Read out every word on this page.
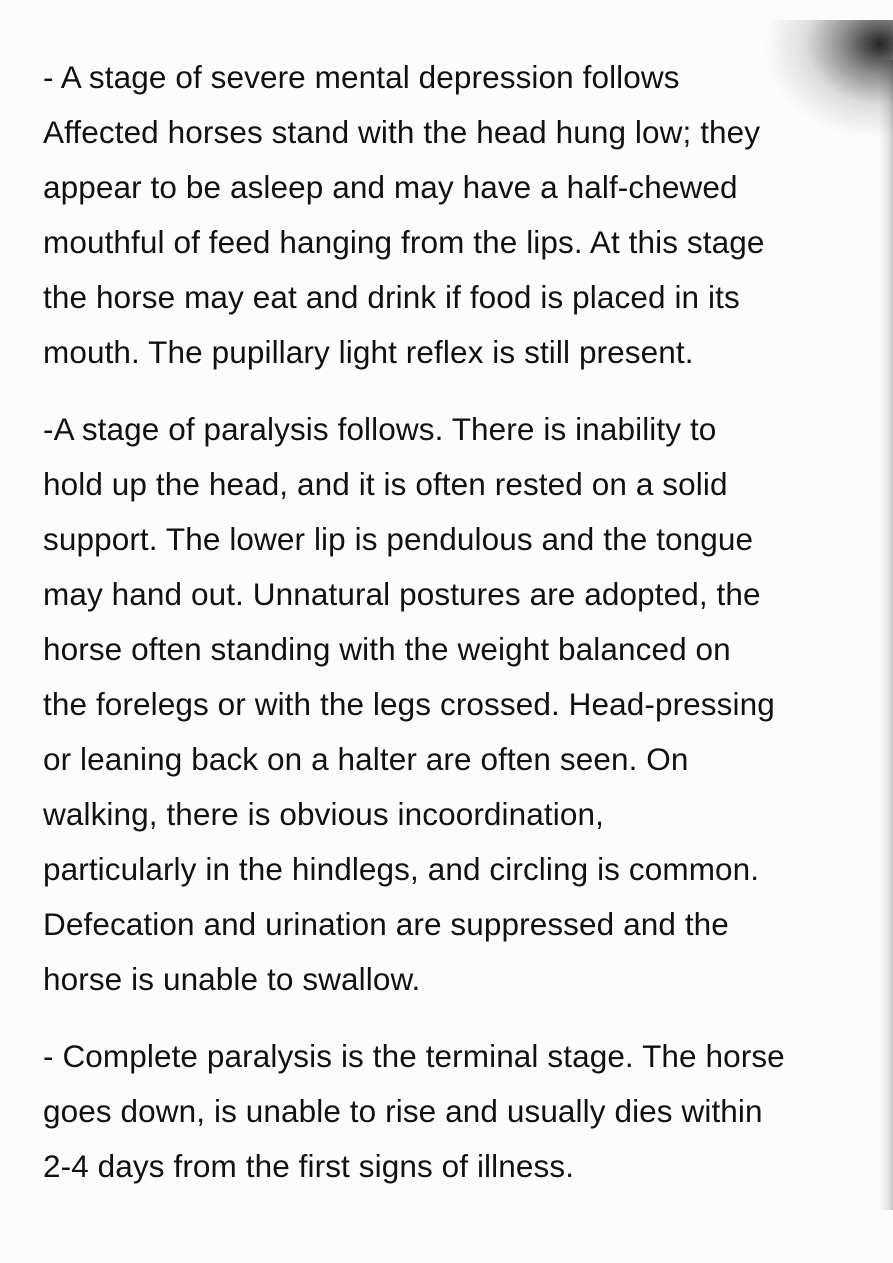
- A stage of severe mental depression follows
Affected horses stand with the head hung low; they
appear to be asleep and may have a half-chewed
mouthful of feed hanging from the lips. At this stage
the horse may eat and drink if food is placed in its
mouth. The pupillary light reflex is still present.
-A stage of paralysis follows. There is inability to
hold up the head, and it is often rested on a solid
support. The lower lip is pendulous and the tongue
may hand out. Unnatural postures are adopted, the
horse often standing with the weight balanced on
the forelegs or with the legs crossed. Head-pressing
or leaning back on a halter are often seen. On
walking, there is obvious incoordination,
particularly in the hindlegs, and circling is common.
Defecation and urination are suppressed and the
horse is unable to swallow.
- Complete paralysis is the terminal stage. The horse
goes down, is unable to rise and usually dies within
2-4 days from the first signs of illness.
